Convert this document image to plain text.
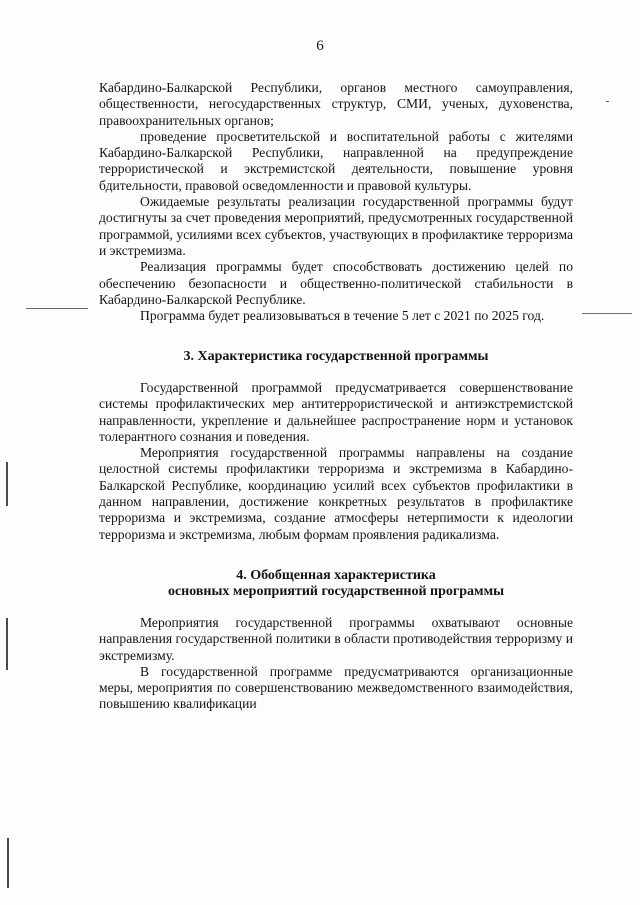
6

Кабардино-Балкарской Республики, органов местного самоуправления, общественности, негосударственных структур, СМИ, ученых, духовенства, правоохранительных органов;

проведение просветительской и воспитательной работы с жителями Кабардино-Балкарской Республики, направленной на предупреждение террористической и экстремистской деятельности, повышение уровня бдительности, правовой осведомленности и правовой культуры.

Ожидаемые результаты реализации государственной программы будут достигнуты за счет проведения мероприятий, предусмотренных государственной программой, усилиями всех субъектов, участвующих в профилактике терроризма и экстремизма.

Реализация программы будет способствовать достижению целей по обеспечению безопасности и общественно-политической стабильности в Кабардино-Балкарской Республике.

Программа будет реализовываться в течение 5 лет с 2021 по 2025 год.

3. Характеристика государственной программы

Государственной программой предусматривается совершенствование системы профилактических мер антитеррористической и антиэкстремистской направленности, укрепление и дальнейшее распространение норм и установок толерантного сознания и поведения.

Мероприятия государственной программы направлены на создание целостной системы профилактики терроризма и экстремизма в Кабардино-Балкарской Республике, координацию усилий всех субъектов профилактики в данном направлении, достижение конкретных результатов в профилактике терроризма и экстремизма, создание атмосферы нетерпимости к идеологии терроризма и экстремизма, любым формам проявления радикализма.

4. Обобщенная характеристика

основных мероприятий государственной программы

Мероприятия государственной программы охватывают основные направления государственной политики в области противодействия терроризму и экстремизму.

В государственной программе предусматриваются организационные меры, мероприятия по совершенствованию межведомственного взаимодействия, повышению квалификации
